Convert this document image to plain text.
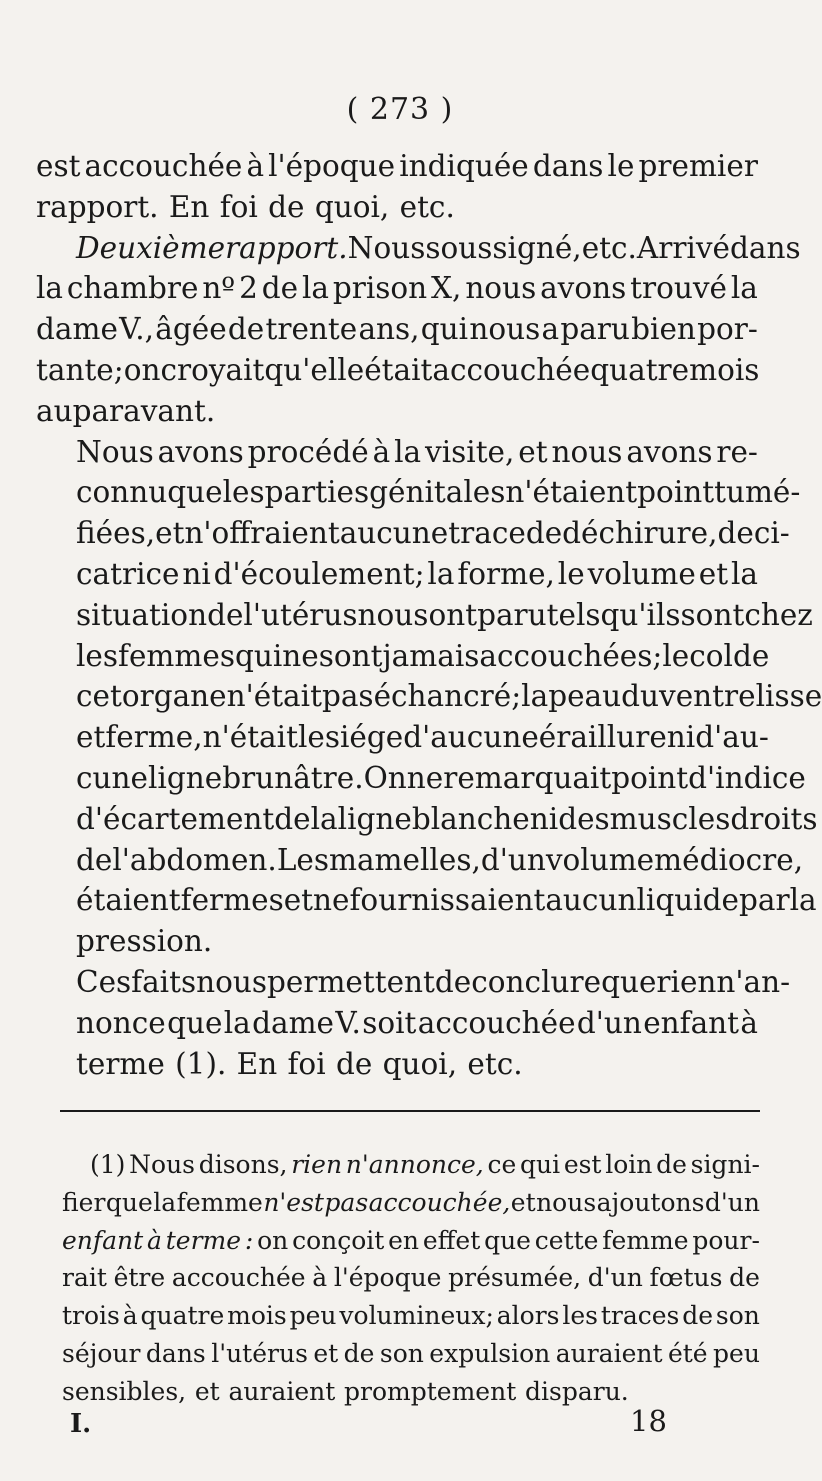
( 273 )
est accouchée à l'époque indiquée dans le premier
rapport. En foi de quoi, etc.
Deuxième rapport. Nous soussigné, etc. Arrivé dans
la chambre nº 2 de la prison X, nous avons trouvé la
dame V., âgée de trente ans, qui nous a paru bien por-
tante; on croyait qu'elle était accouchée quatre mois
auparavant.
Nous avons procédé à la visite, et nous avons re-
connu que les parties génitales n'étaient point tumé-
fiées, et n'offraient aucune trace de déchirure, de ci-
catrice ni d'écoulement; la forme, le volume et la
situation de l'utérus nous ont paru tels qu'ils sont chez
les femmes qui ne sont jamais accouchées; le col de
cet organe n'était pas échancré; la peau du ventre lisse
et ferme, n'était le siége d'aucune éraillure ni d'au-
cune ligne brunâtre. On ne remarquait point d'indice
d'écartement de la ligne blanche ni des muscles droits
de l'abdomen. Les mamelles, d'un volume médiocre,
étaient fermes et ne fournissaient aucun liquide par la
pression.
Ces faits nous permettent de conclure que rien n'an-
nonce que la dame V. soit accouchée d'un enfant à
terme (1). En foi de quoi, etc.
(1) Nous disons, rien n'annonce, ce qui est loin de signi-
fier que la femme n'est pas accouchée, et nous ajoutons d'un
enfant à terme : on conçoit en effet que cette femme pour-
rait être accouchée à l'époque présumée, d'un fœtus de
trois à quatre mois peu volumineux; alors les traces de son
séjour dans l'utérus et de son expulsion auraient été peu
sensibles, et auraient promptement disparu.
I.	18
